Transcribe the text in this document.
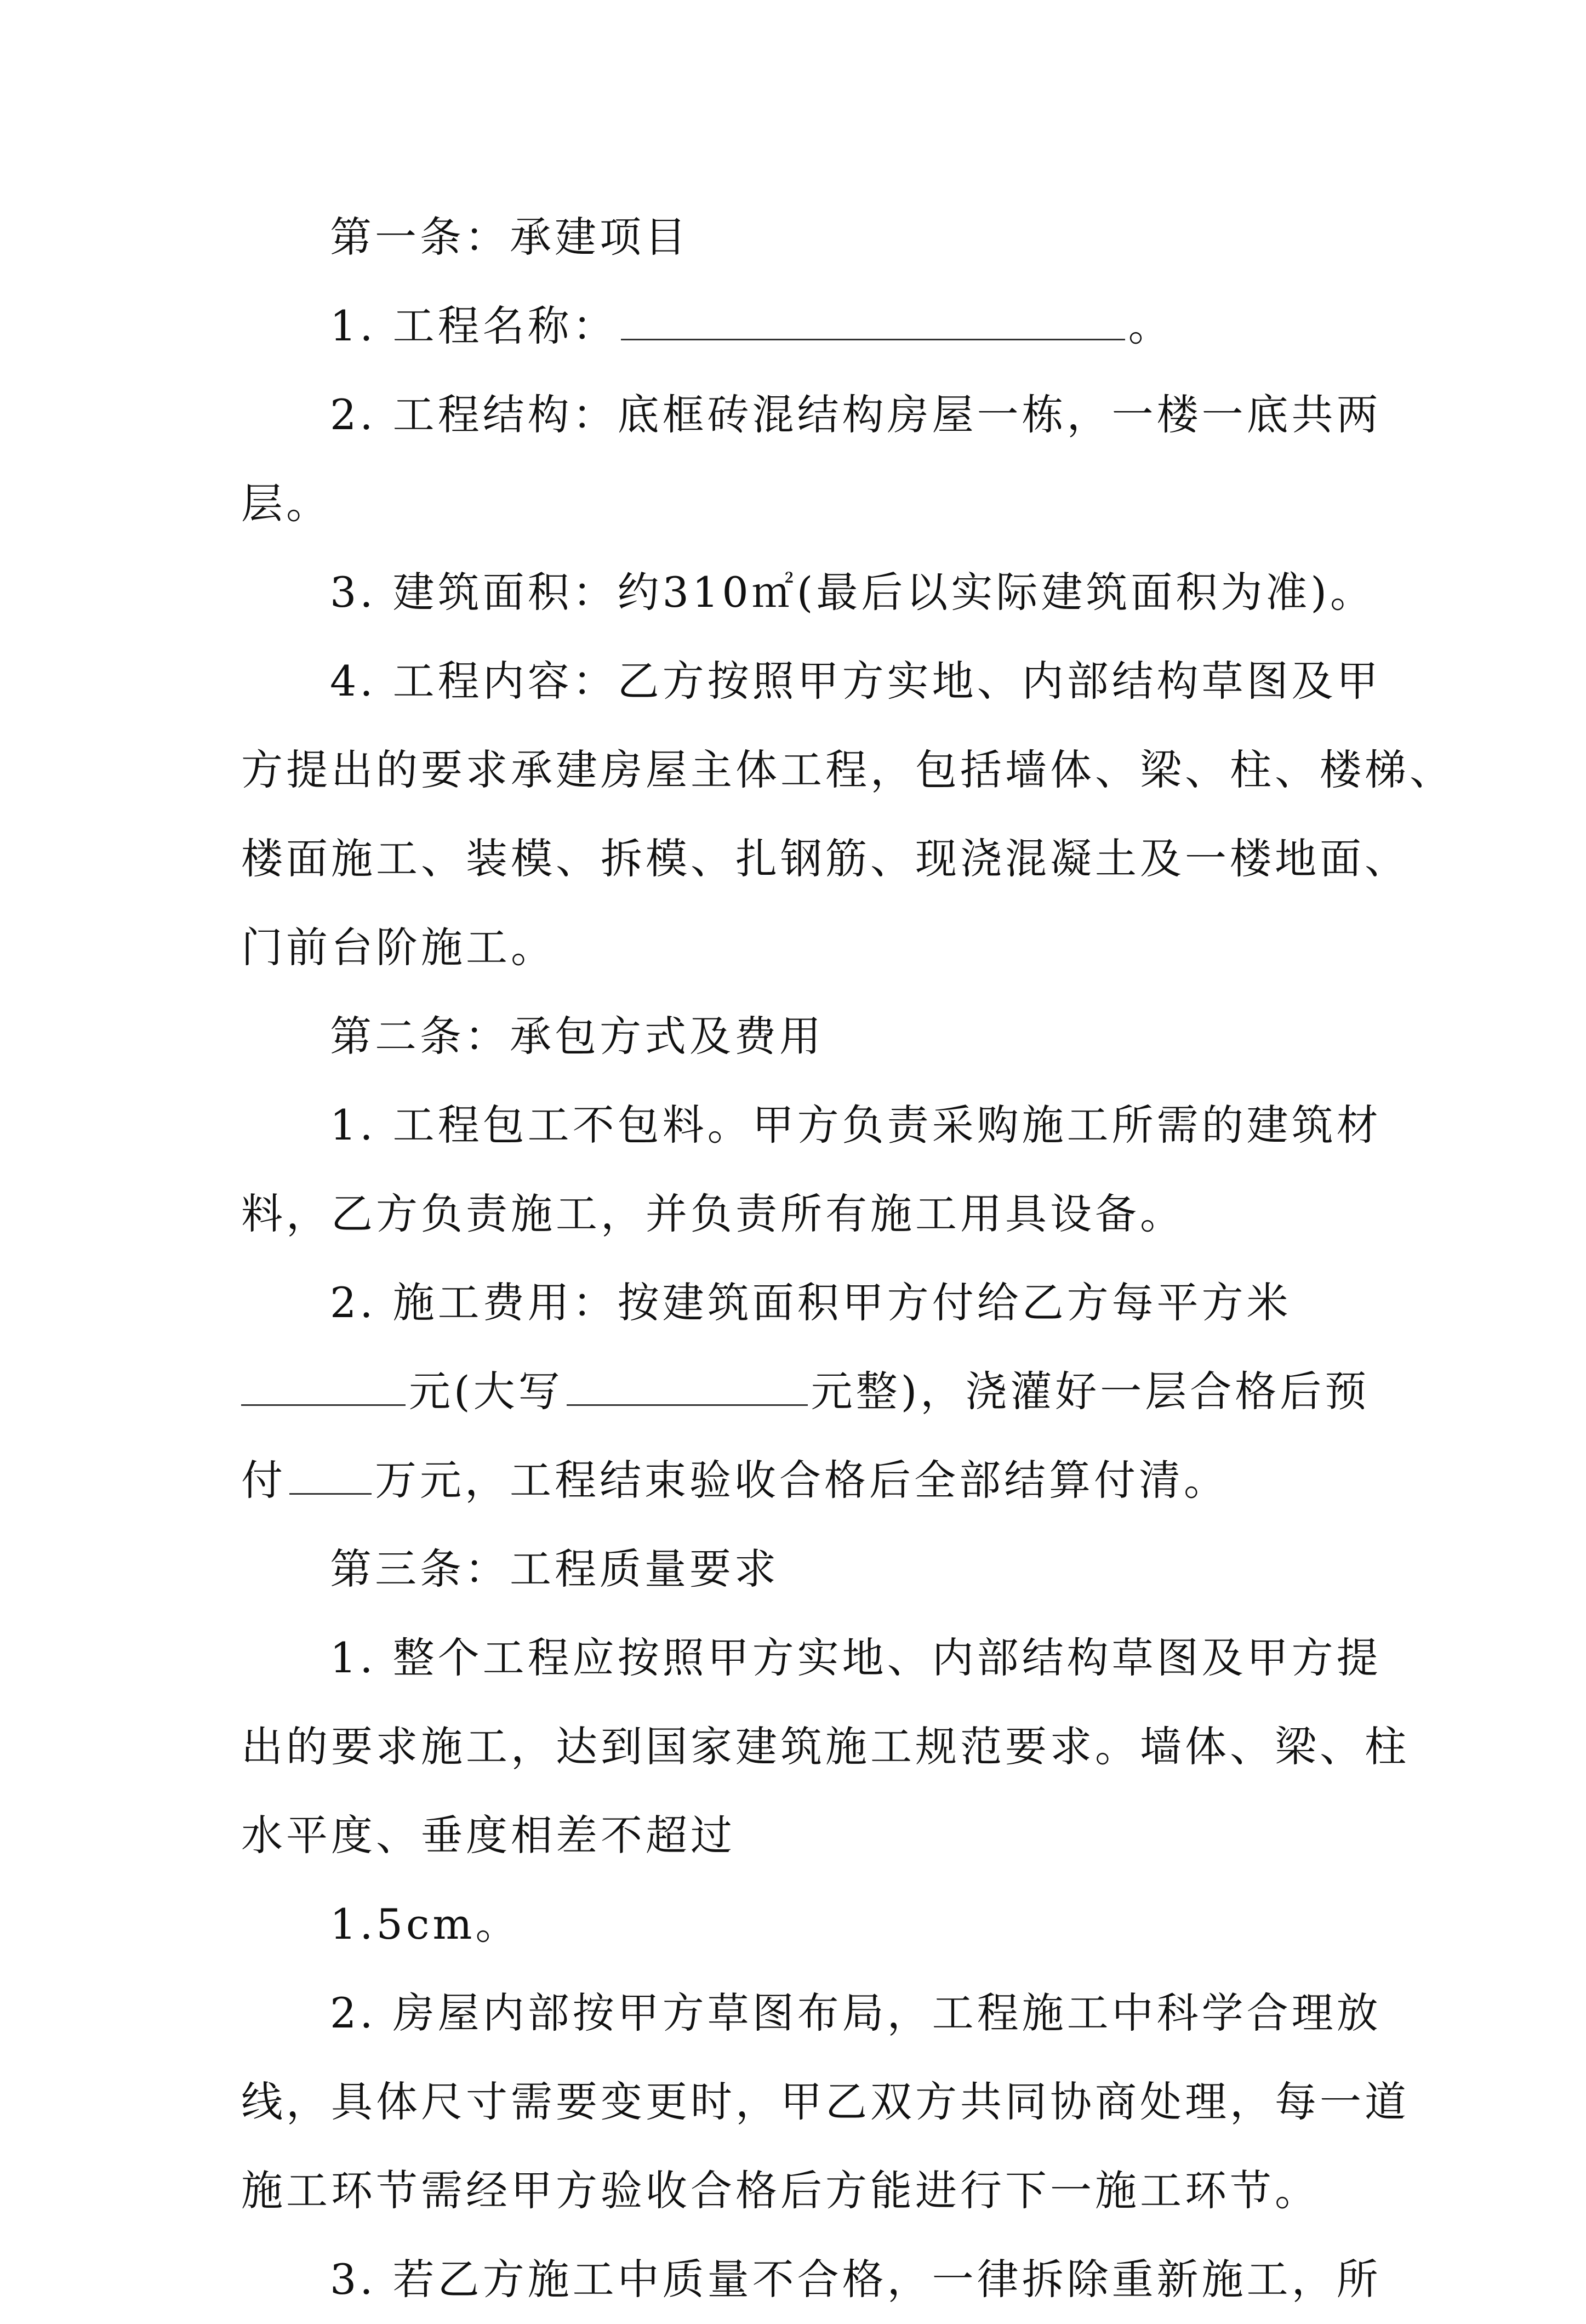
第一条：承建项目
1. 工程名称：	。
2. 工程结构：底框砖混结构房屋一栋，一楼一底共两
层。
3. 建筑面积：约310㎡(最后以实际建筑面积为准)。
4. 工程内容：乙方按照甲方实地、内部结构草图及甲
方提出的要求承建房屋主体工程，包括墙体、梁、柱、楼梯、
楼面施工、装模、拆模、扎钢筋、现浇混凝土及一楼地面、
门前台阶施工。
第二条：承包方式及费用
1. 工程包工不包料。甲方负责采购施工所需的建筑材
料，乙方负责施工，并负责所有施工用具设备。
2. 施工费用：按建筑面积甲方付给乙方每平方米
元(大写	元整)，浇灌好一层合格后预
付 万元，工程结束验收合格后全部结算付清。
第三条：工程质量要求
1. 整个工程应按照甲方实地、内部结构草图及甲方提
出的要求施工，达到国家建筑施工规范要求。墙体、梁、柱
水平度、垂度相差不超过
1.5cm。
2. 房屋内部按甲方草图布局，工程施工中科学合理放
线，具体尺寸需要变更时，甲乙双方共同协商处理，每一道
施工环节需经甲方验收合格后方能进行下一施工环节。
3. 若乙方施工中质量不合格，一律拆除重新施工，所
